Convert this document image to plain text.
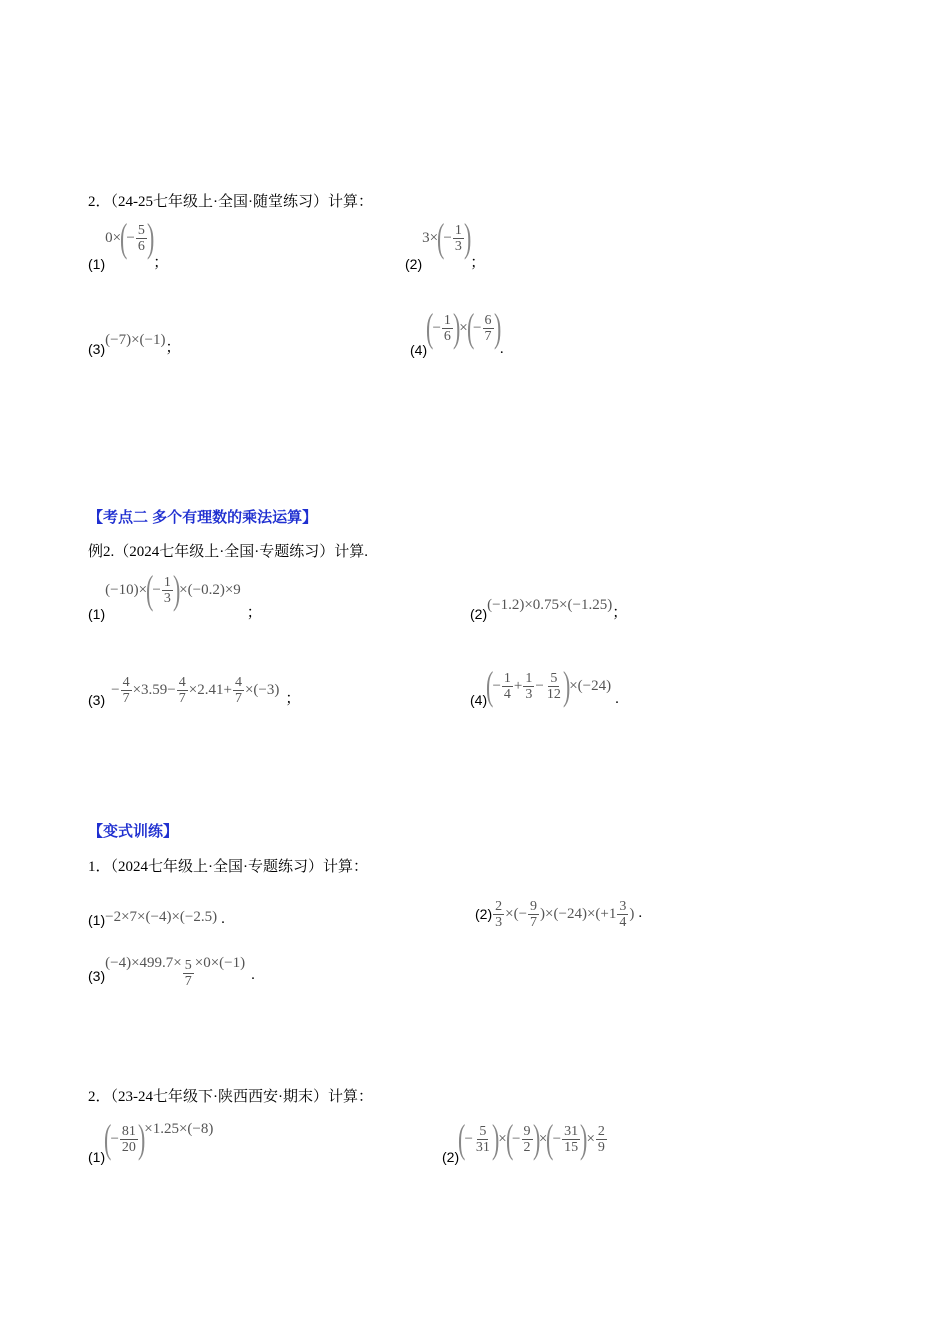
2．（24-25七年级上·全国·随堂练习）计算：
(1)
0×
(
− $\frac{5}{6}$ )
；	(2)
3×
(
− $\frac{1}{3}$ )
；
(3)
(−7)×(−1) ；	(4)
(
− $\frac{1}{6}$ )
×
(
− $\frac{6}{7}$ )
.
【考点二 多个有理数的乘法运算】
例2.（2024七年级上·全国·专题练习）计算.
(1)
(−10)×
(
− $\frac{1}{3}$ )
×(−0.2)×9
；	(2)
(−1.2)×0.75×(−1.25) ；
(3)
− $\frac{4}{7} \times 3.59- \frac{4}{7} \times 2.41+ \frac{4}{7} \times(-3)$
；	(4)
(
− $\frac{1}{4} + \frac{1}{3} - \frac{5}{12}$ )
×(−24)
.
【变式训练】
1．（2024七年级上·全国·专题练习）计算：
(1) −2×7×(−4)×(−2.5) .	$(2) \frac{2}{3}$ ×(− $\frac{9}{7} )\times(-24)\times(+1 \frac{3}{4}$ ) .
(3)
$(-4)\times 499.7\times \frac{5}{7} \times 0\times(-1)$
.
2．（23-24七年级下·陕西西安·期末）计算：
(1)
(
− $\frac{81}{20}$ )
×1.25×(−8)
(2)
(
− $\frac{5}{31}$ )
×
(
− $\frac{9}{2}$ )
×
(
− $\frac{31}{15}$ )
× $\frac{2}{9}$
